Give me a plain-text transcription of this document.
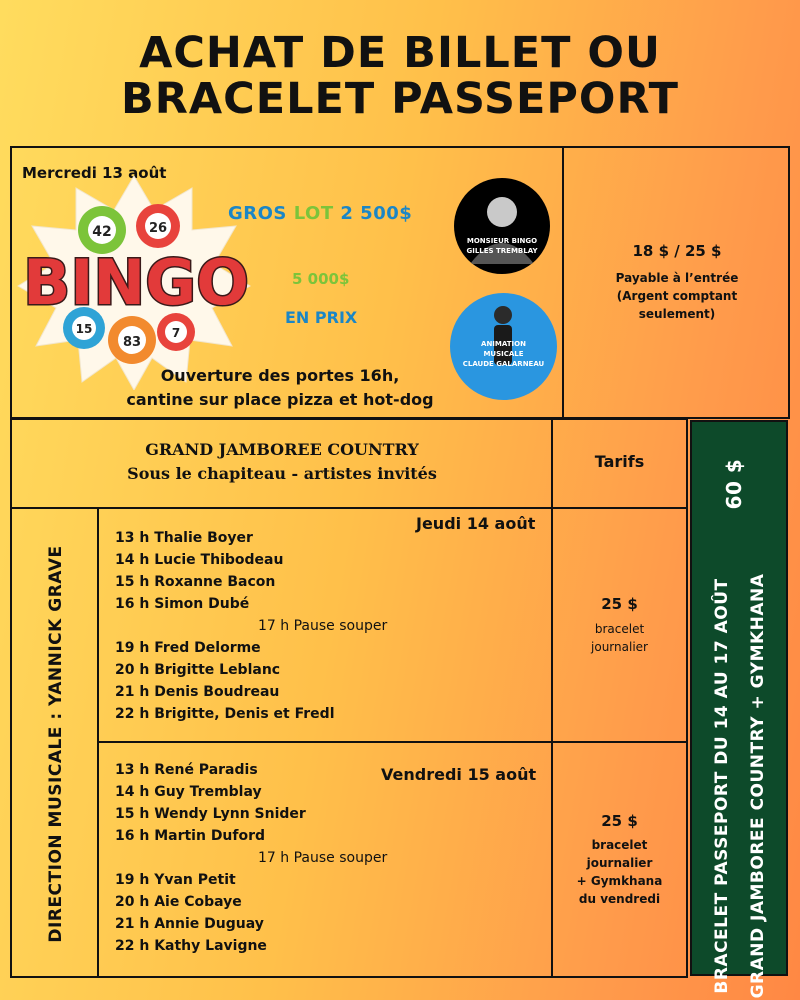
ACHAT DE BILLET OU
BRACELET PASSEPORT
Mercredi 13 août
42	26
15
83
7
BINGO
GROS LOT 2 500$
5 000$
EN PRIX
Ouverture des portes 16h,
cantine sur place pizza et hot-dog
MONSIEUR BINGO
GILLES TREMBLAY
ANIMATION
MUSICALE
CLAUDE GALARNEAU
18 $ / 25 $
Payable à l’entrée
(Argent comptant
seulement)
GRAND JAMBOREE COUNTRY
Sous le chapiteau - artistes invités
Tarifs
DIRECTION MUSICALE : YANNICK GRAVE
Jeudi 14 août
13 h Thalie Boyer
14 h Lucie Thibodeau
15 h Roxanne Bacon
16 h Simon Dubé
17 h Pause souper
19 h Fred Delorme
20 h Brigitte Leblanc
21 h Denis Boudreau
22 h Brigitte, Denis et Fredl
25 $
bracelet
journalier
Vendredi 15 août
13 h René Paradis
14 h Guy Tremblay
15 h Wendy Lynn Snider
16 h Martin Duford
17 h Pause souper
19 h Yvan Petit
20 h Aie Cobaye
21 h Annie Duguay
22 h Kathy Lavigne
25 $
bracelet
journalier
+ Gymkhana
du vendredi
60 $
BRACELET PASSEPORT DU 14 AU 17 AOÛT GRAND JAMBOREE COUNTRY + GYMKHANA
